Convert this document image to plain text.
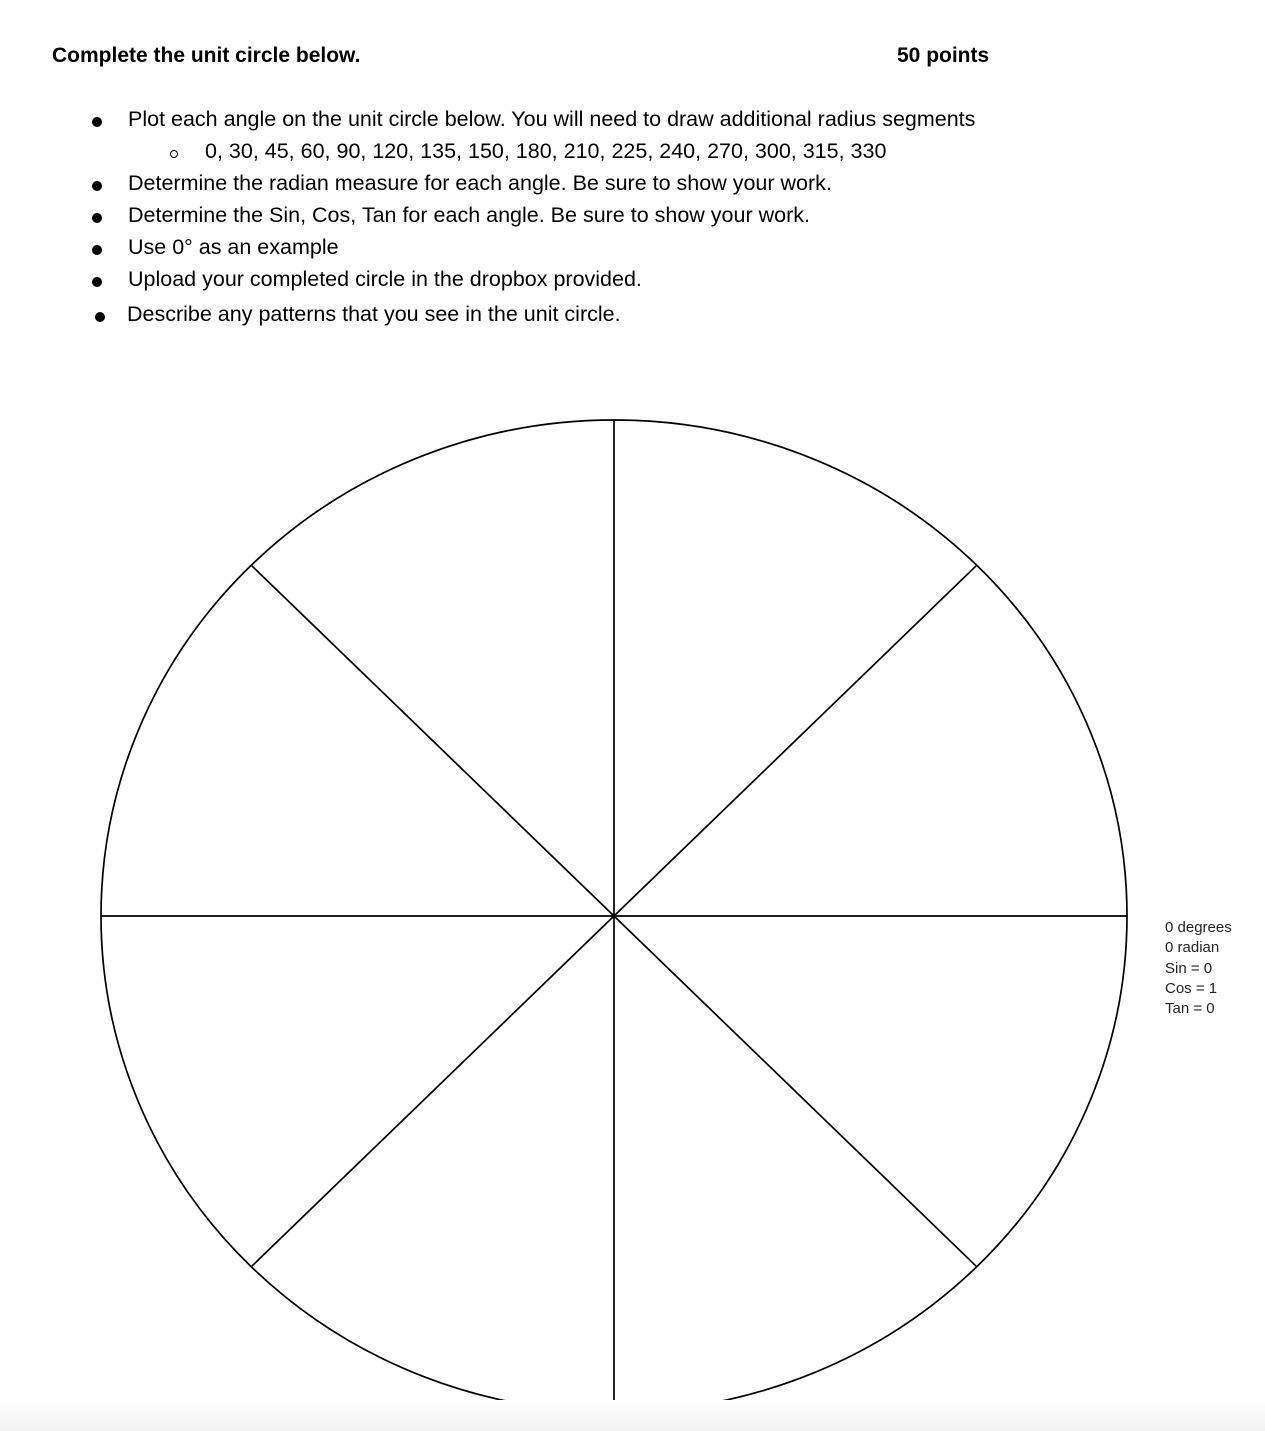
Complete the unit circle below.	50 points
Plot each angle on the unit circle below. You will need to draw additional radius segments
0, 30, 45, 60, 90, 120, 135, 150, 180, 210, 225, 240, 270, 300, 315, 330
Determine the radian measure for each angle. Be sure to show your work.
Determine the Sin, Cos, Tan for each angle. Be sure to show your work.
Use 0° as an example
Upload your completed circle in the dropbox provided.
Describe any patterns that you see in the unit circle.
0 degrees
0 radian
Sin = 0
Cos = 1
Tan = 0
